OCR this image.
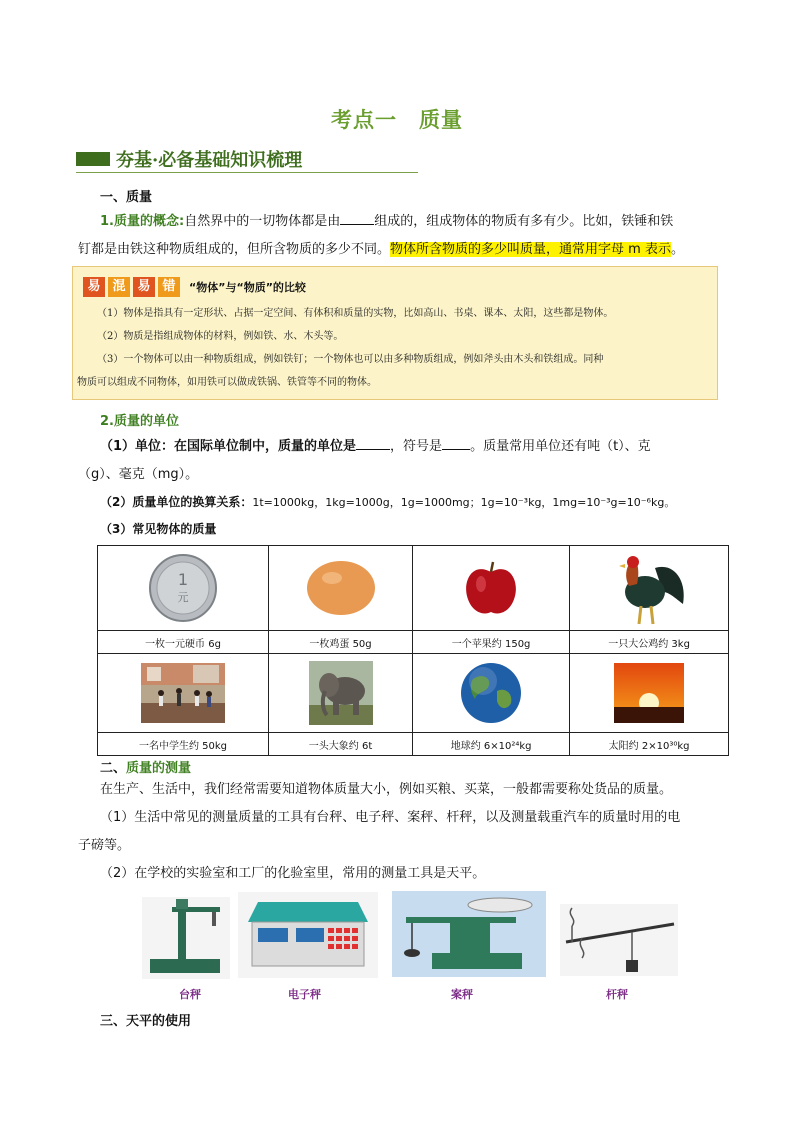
考点一　质量
夯基·必备基础知识梳理
一、质量
1.质量的概念:自然界中的一切物体都是由	组成的，组成物体的物质有多有少。比如，铁锤和铁
钉都是由铁这种物质组成的，但所含物质的多少不同。物体所含物质的多少叫质量，通常用字母 m 表示。
易 混 易 错	“物体”与“物质”的比较
（1）物体是指具有一定形状、占据一定空间、有体积和质量的实物，比如高山、书桌、课本、太阳，这些都是物体。
（2）物质是指组成物体的材料，例如铁、水、木头等。
（3）一个物体可以由一种物质组成，例如铁钉；一个物体也可以由多种物质组成，例如斧头由木头和铁组成。同种
物质可以组成不同物体，如用铁可以做成铁锅、铁管等不同的物体。
2.质量的单位
（1）单位：在国际单位制中，质量的单位是	，符号是 。质量常用单位还有吨（t）、克
（g）、毫克（mg）。
（2）质量单位的换算关系：1t=1000kg，1kg=1000g，1g=1000mg；1g=10⁻³kg，1mg=10⁻³g=10⁻⁶kg。
（3）常见物体的质量
1
元

一枚一元硬币 6g	一枚鸡蛋 50g	一个苹果约 150g	一只大公鸡约 3kg

一名中学生约 50kg	一头大象约 6t	地球约 6×10²⁴kg	太阳约 2×10³⁰kg
二、质量的测量
在生产、生活中，我们经常需要知道物体质量大小，例如买粮、买菜，一般都需要称处货品的质量。
（1）生活中常见的测量质量的工具有台秤、电子秤、案秤、杆秤，以及测量载重汽车的质量时用的电
子磅等。
（2）在学校的实验室和工厂的化验室里，常用的测量工具是天平。
台秤	电子秤	案秤	杆秤
三、天平的使用
